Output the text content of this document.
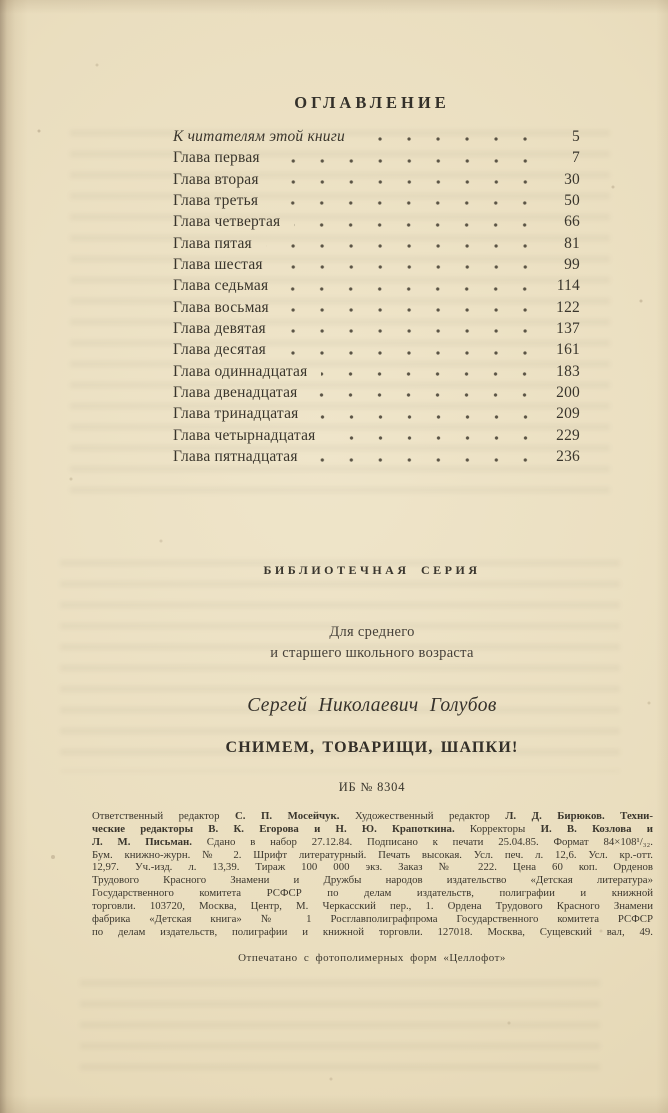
ОГЛАВЛЕНИЕ
К читателям этой книги	5
Глава первая	7
Глава вторая	30
Глава третья	50
Глава четвертая	66
Глава пятая	81
Глава шестая	99
Глава седьмая	114
Глава восьмая	122
Глава девятая	137
Глава десятая	161
Глава одиннадцатая	183
Глава двенадцатая	200
Глава тринадцатая	209
Глава четырнадцатая	229
Глава пятнадцатая	236
БИБЛИОТЕЧНАЯ СЕРИЯ
Для среднего
и старшего школьного возраста
Сергей Николаевич Голубов
СНИМЕМ, ТОВАРИЩИ, ШАПКИ!
ИБ № 8304
Ответственный редактор С. П. Мосейчук. Художественный редактор Л. Д. Бирюков. Техни-
ческие редакторы В. К. Егорова и Н. Ю. Крапоткина. Корректоры И. В. Козлова и
Л. М. Письман. Сдано в набор 27.12.84. Подписано к печати 25.04.85. Формат 84×108¹/₃₂.
Бум. книжно-журн. № 2. Шрифт литературный. Печать высокая. Усл. печ. л. 12,6. Усл. кр.-отт.
12,97. Уч.-изд. л. 13,39. Тираж 100 000 экз. Заказ № 222. Цена 60 коп. Орденов
Трудового Красного Знамени и Дружбы народов издательство «Детская литература»
Государственного комитета РСФСР по делам издательств, полиграфии и книжной
торговли. 103720, Москва, Центр, М. Черкасский пер., 1. Ордена Трудового Красного Знамени
фабрика «Детская книга» № 1 Росглавполиграфпрома Государственного комитета РСФСР
по делам издательств, полиграфии и книжной торговли. 127018. Москва, Сущевский вал, 49.
Отпечатано с фотополимерных форм «Целлофот»
